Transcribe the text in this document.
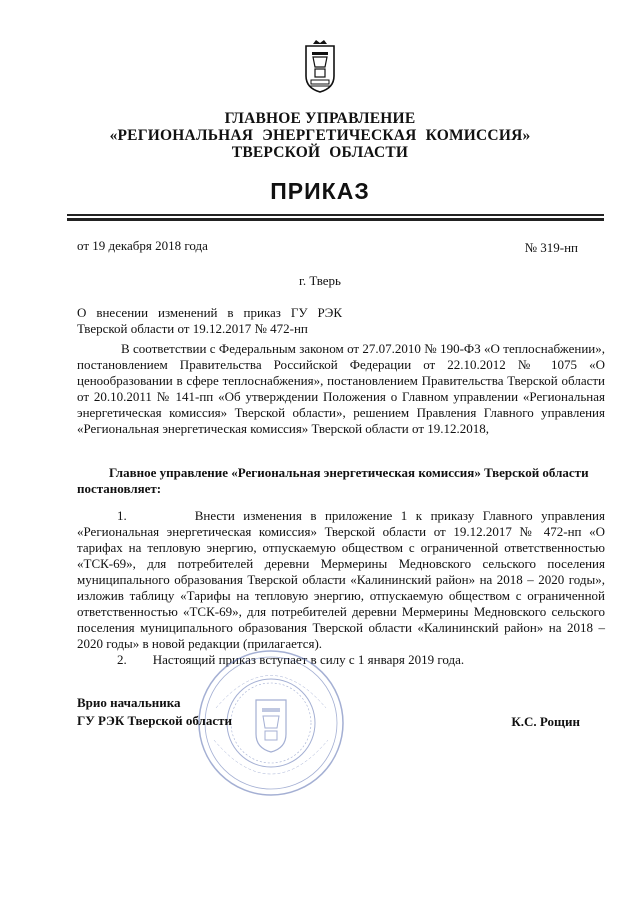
ГЛАВНОЕ УПРАВЛЕНИЕ
«РЕГИОНАЛЬНАЯ ЭНЕРГЕТИЧЕСКАЯ КОМИССИЯ»
ТВЕРСКОЙ ОБЛАСТИ
ПРИКАЗ
от 19 декабря 2018 года	№ 319-нп
г. Тверь
О внесении изменений в приказ ГУ РЭК Тверской области от 19.12.2017 № 472-нп

В соответствии с Федеральным законом от 27.07.2010 № 190-ФЗ «О теплоснабжении», постановлением Правительства Российской Федерации от 22.10.2012 № 1075 «О ценообразовании в сфере теплоснабжения», постановлением Правительства Тверской области от 20.10.2011 № 141-пп «Об утверждении Положения о Главном управлении «Региональная энергетическая комиссия» Тверской области», решением Правления Главного управления «Региональная энергетическая комиссия» Тверской области от 19.12.2018,

Главное управление «Региональная энергетическая комиссия» Тверской области
постановляет:

1.	Внести изменения в приложение 1 к приказу Главного управления «Региональная энергетическая комиссия» Тверской области от 19.12.2017 № 472-нп «О тарифах на тепловую энергию, отпускаемую обществом с ограниченной ответственностью «ТСК-69», для потребителей деревни Мермерины Медновского сельского поселения муниципального образования Тверской области «Калининский район» на 2018 – 2020 годы», изложив таблицу «Тарифы на тепловую энергию, отпускаемую обществом с ограниченной ответственностью «ТСК-69», для потребителей деревни Мермерины Медновского сельского поселения муниципального образования Тверской области «Калининский район» на 2018 – 2020 годы» в новой редакции (прилагается).

2. Настоящий приказ вступает в силу с 1 января 2019 года.

Врио начальника
ГУ РЭК Тверской области	К.С. Рощин
